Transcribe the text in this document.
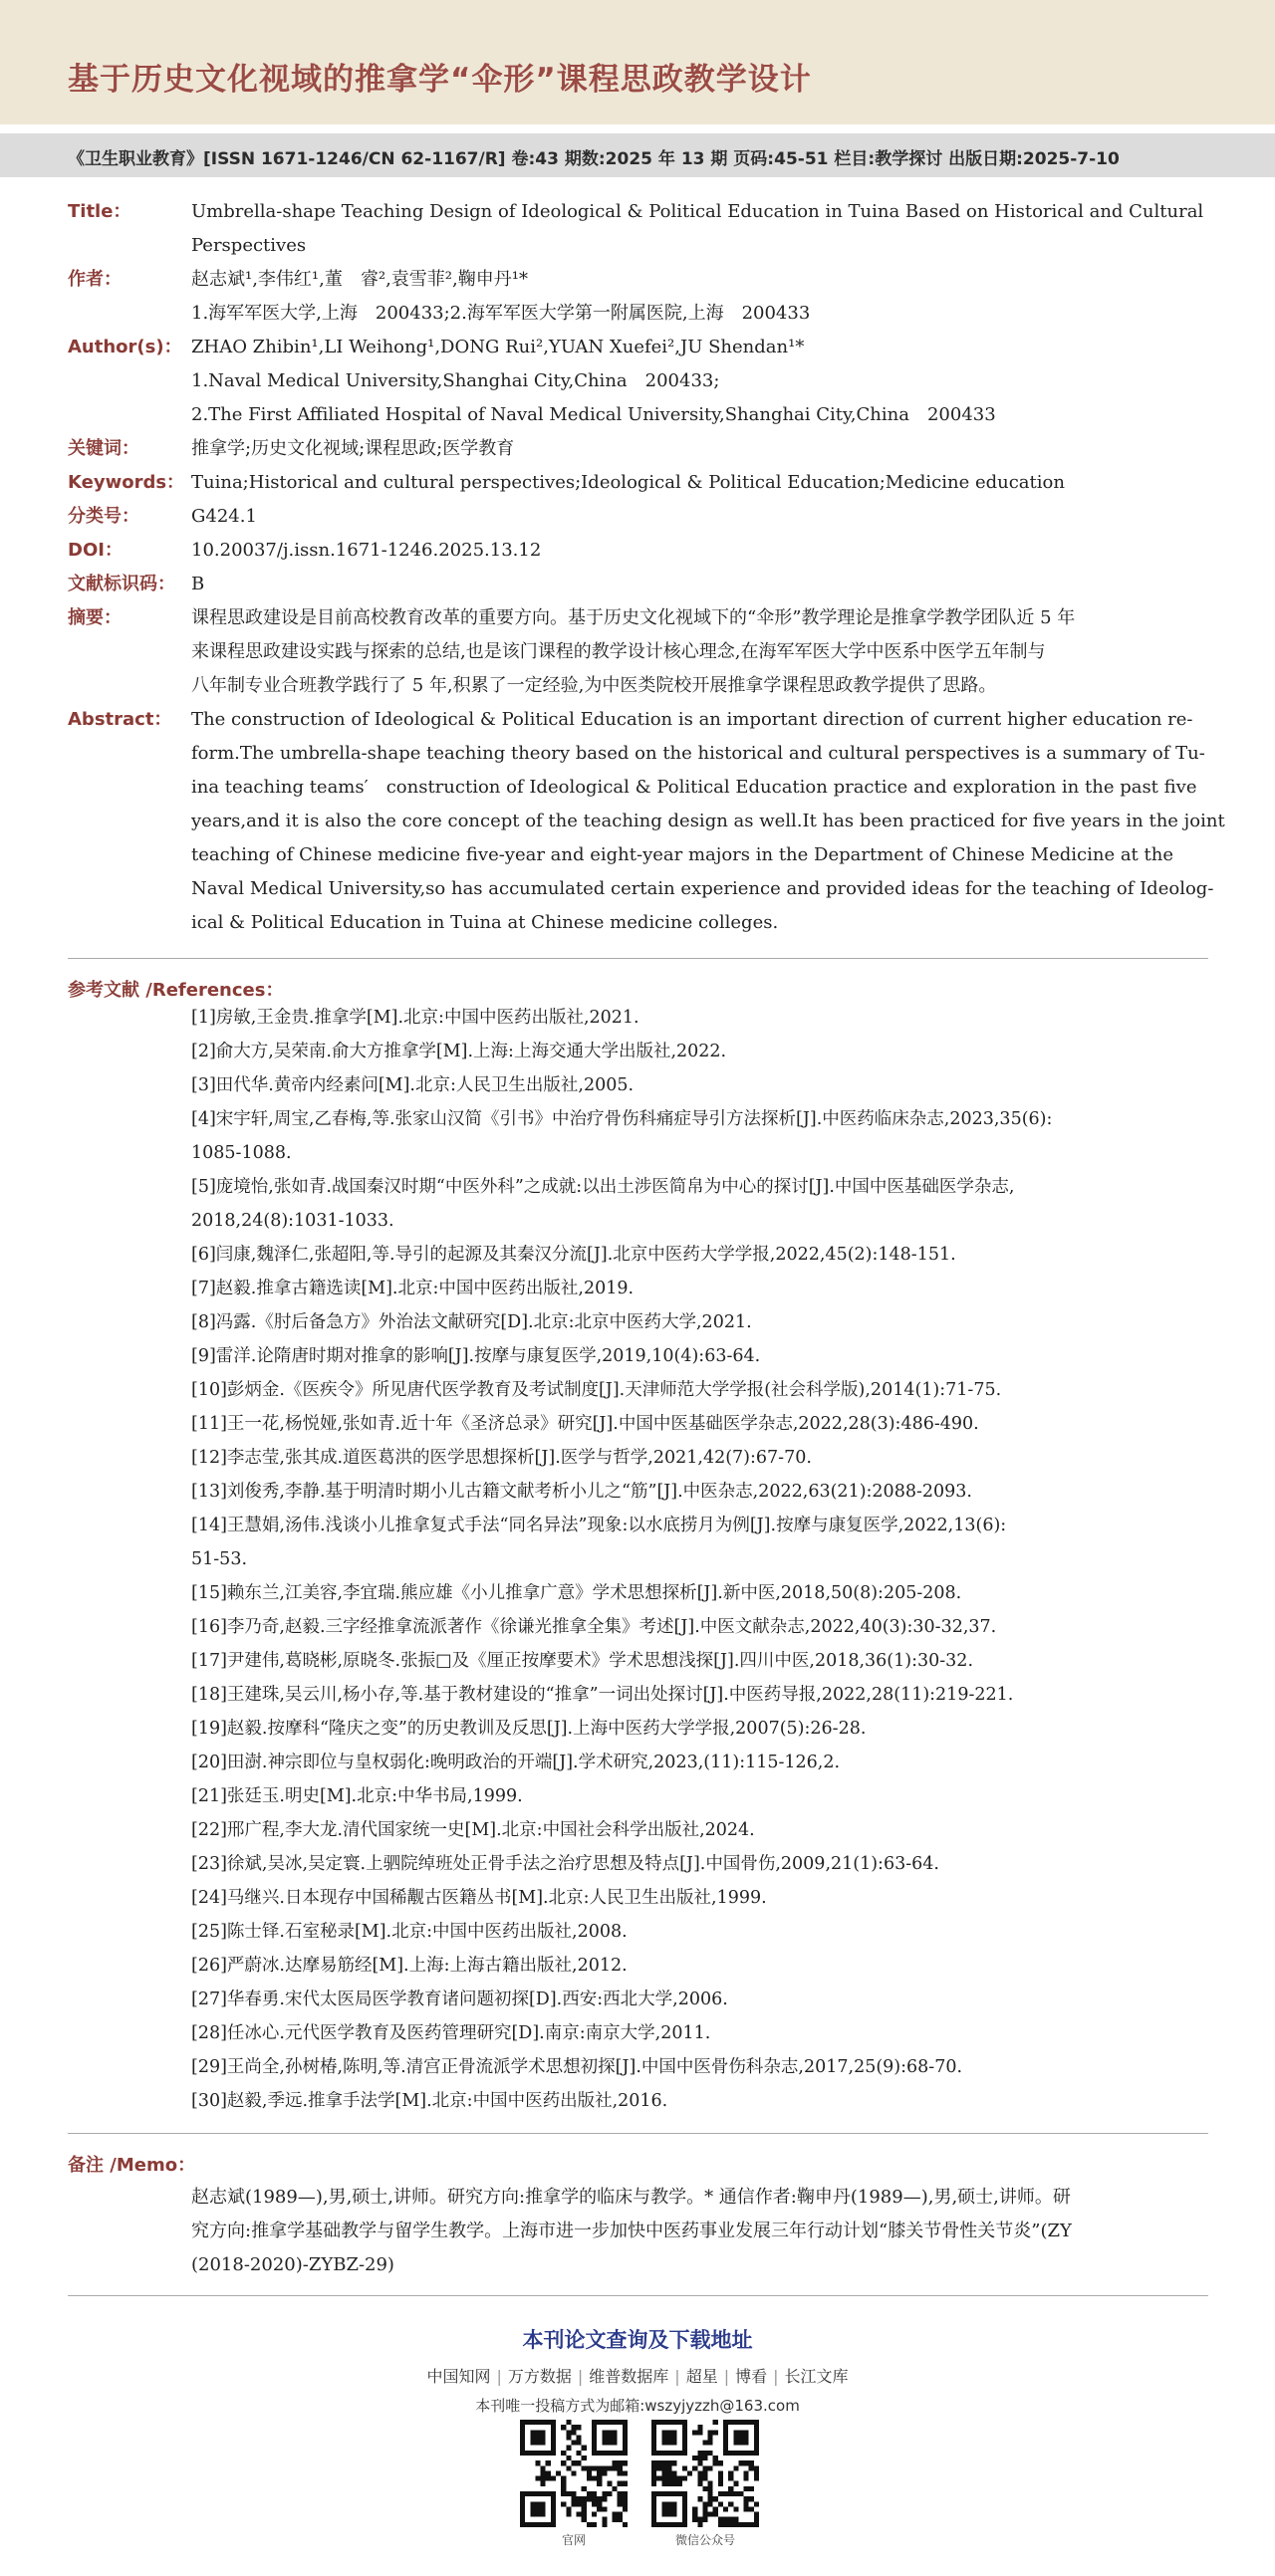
基于历史文化视域的推拿学“伞形”课程思政教学设计
《卫生职业教育》[ISSN 1671-1246/CN 62-1167/R] 卷:43 期数:2025 年 13 期 页码:45-51 栏目:教学探讨 出版日期:2025-7-10
Title：	Umbrella-shape Teaching Design of Ideological & Political Education in Tuina Based on Historical and Cultural
Perspectives
作者：	赵志斌¹,李伟红¹,董　睿²,袁雪菲²,鞠申丹¹*
1.海军军医大学,上海　200433;2.海军军医大学第一附属医院,上海　200433
Author(s)： ZHAO Zhibin¹,LI Weihong¹,DONG Rui²,YUAN Xuefei²,JU Shendan¹*
1.Naval Medical University,Shanghai City,China　200433;
2.The First Affiliated Hospital of Naval Medical University,Shanghai City,China　200433
关键词：	推拿学;历史文化视域;课程思政;医学教育
Keywords： Tuina;Historical and cultural perspectives;Ideological & Political Education;Medicine education
分类号：	G424.1
DOI：	10.20037/j.issn.1671-1246.2025.13.12
文献标识码： B
摘要：	课程思政建设是目前高校教育改革的重要方向。基于历史文化视域下的“伞形”教学理论是推拿学教学团队近 5 年
来课程思政建设实践与探索的总结,也是该门课程的教学设计核心理念,在海军军医大学中医系中医学五年制与
八年制专业合班教学践行了 5 年,积累了一定经验,为中医类院校开展推拿学课程思政教学提供了思路。
Abstract：	The construction of Ideological & Political Education is an important direction of current higher education re-
form.The umbrella-shape teaching theory based on the historical and cultural perspectives is a summary of Tu-
ina teaching teams′　construction of Ideological & Political Education practice and exploration in the past five
years,and it is also the core concept of the teaching design as well.It has been practiced for five years in the joint
teaching of Chinese medicine five-year and eight-year majors in the Department of Chinese Medicine at the
Naval Medical University,so has accumulated certain experience and provided ideas for the teaching of Ideolog-
ical & Political Education in Tuina at Chinese medicine colleges.
参考文献 /References：
[1]房敏,王金贵.推拿学[M].北京:中国中医药出版社,2021.
[2]俞大方,吴荣南.俞大方推拿学[M].上海:上海交通大学出版社,2022.
[3]田代华.黄帝内经素问[M].北京:人民卫生出版社,2005.
[4]宋宇轩,周宝,乙春梅,等.张家山汉简《引书》中治疗骨伤科痛症导引方法探析[J].中医药临床杂志,2023,35(6):
1085-1088.
[5]庞境怡,张如青.战国秦汉时期“中医外科”之成就:以出土涉医简帛为中心的探讨[J].中国中医基础医学杂志,
2018,24(8):1031-1033.
[6]闫康,魏泽仁,张超阳,等.导引的起源及其秦汉分流[J].北京中医药大学学报,2022,45(2):148-151.
[7]赵毅.推拿古籍选读[M].北京:中国中医药出版社,2019.
[8]冯露.《肘后备急方》外治法文献研究[D].北京:北京中医药大学,2021.
[9]雷洋.论隋唐时期对推拿的影响[J].按摩与康复医学,2019,10(4):63-64.
[10]彭炳金.《医疾令》所见唐代医学教育及考试制度[J].天津师范大学学报(社会科学版),2014(1):71-75.
[11]王一花,杨悦娅,张如青.近十年《圣济总录》研究[J].中国中医基础医学杂志,2022,28(3):486-490.
[12]李志莹,张其成.道医葛洪的医学思想探析[J].医学与哲学,2021,42(7):67-70.
[13]刘俊秀,李静.基于明清时期小儿古籍文献考析小儿之“筋”[J].中医杂志,2022,63(21):2088-2093.
[14]王慧娟,汤伟.浅谈小儿推拿复式手法“同名异法”现象:以水底捞月为例[J].按摩与康复医学,2022,13(6):
51-53.
[15]赖东兰,江美容,李宜瑞.熊应雄《小儿推拿广意》学术思想探析[J].新中医,2018,50(8):205-208.
[16]李乃奇,赵毅.三字经推拿流派著作《徐谦光推拿全集》考述[J].中医文献杂志,2022,40(3):30-32,37.
[17]尹建伟,葛晓彬,原晓冬.张振□及《厘正按摩要术》学术思想浅探[J].四川中医,2018,36(1):30-32.
[18]王建珠,吴云川,杨小存,等.基于教材建设的“推拿”一词出处探讨[J].中医药导报,2022,28(11):219-221.
[19]赵毅.按摩科“隆庆之变”的历史教训及反思[J].上海中医药大学学报,2007(5):26-28.
[20]田澍.神宗即位与皇权弱化:晚明政治的开端[J].学术研究,2023,(11):115-126,2.
[21]张廷玉.明史[M].北京:中华书局,1999.
[22]邢广程,李大龙.清代国家统一史[M].北京:中国社会科学出版社,2024.
[23]徐斌,吴冰,吴定寰.上驷院绰班处正骨手法之治疗思想及特点[J].中国骨伤,2009,21(1):63-64.
[24]马继兴.日本现存中国稀觏古医籍丛书[M].北京:人民卫生出版社,1999.
[25]陈士铎.石室秘录[M].北京:中国中医药出版社,2008.
[26]严蔚冰.达摩易筋经[M].上海:上海古籍出版社,2012.
[27]华春勇.宋代太医局医学教育诸问题初探[D].西安:西北大学,2006.
[28]任冰心.元代医学教育及医药管理研究[D].南京:南京大学,2011.
[29]王尚全,孙树椿,陈明,等.清宫正骨流派学术思想初探[J].中国中医骨伤科杂志,2017,25(9):68-70.
[30]赵毅,季远.推拿手法学[M].北京:中国中医药出版社,2016.
备注 /Memo：
赵志斌(1989—),男,硕士,讲师。研究方向:推拿学的临床与教学。* 通信作者:鞠申丹(1989—),男,硕士,讲师。研
究方向:推拿学基础教学与留学生教学。上海市进一步加快中医药事业发展三年行动计划“膝关节骨性关节炎”(ZY
(2018-2020)-ZYBZ-29)
本刊论文查询及下载地址
中国知网 | 万方数据 | 维普数据库 | 超星 | 博看 | 长江文库
本刊唯一投稿方式为邮箱:wszyjyzzh@163.com
官网	微信公众号
